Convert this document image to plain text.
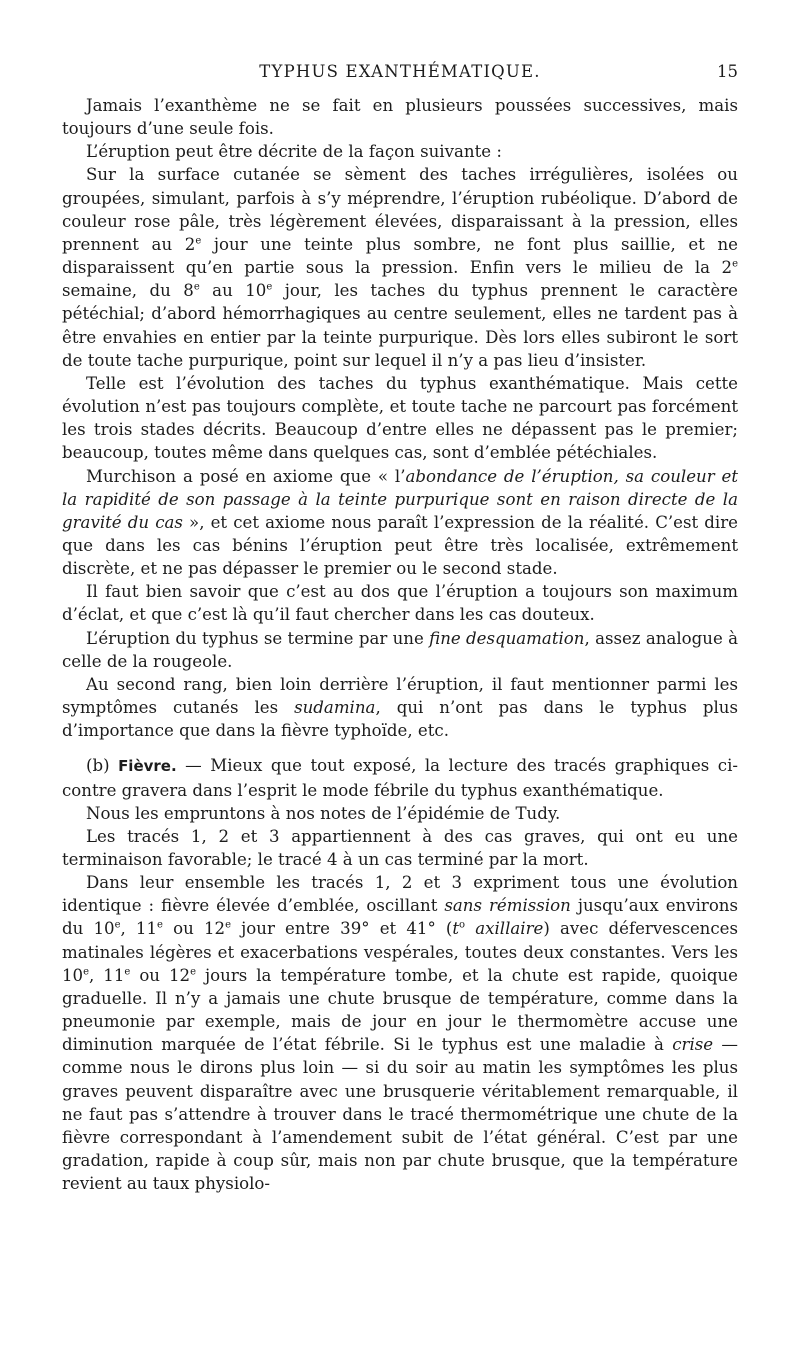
TYPHUS EXANTHÉMATIQUE.	15

Jamais l’exanthème ne se fait en plusieurs poussées successives, mais toujours d’une seule fois.

L’éruption peut être décrite de la façon suivante :

Sur la surface cutanée se sèment des taches irrégulières, isolées ou groupées, simulant, parfois à s’y méprendre, l’éruption rubéolique. D’abord de couleur rose pâle, très légèrement élevées, disparaissant à la pression, elles prennent au 2e jour une teinte plus sombre, ne font plus saillie, et ne disparaissent qu’en partie sous la pression. Enfin vers le milieu de la 2e semaine, du 8e au 10e jour, les taches du typhus prennent le caractère pétéchial; d’abord hémorrhagiques au centre seulement, elles ne tardent pas à être envahies en entier par la teinte purpurique. Dès lors elles subiront le sort de toute tache purpurique, point sur lequel il n’y a pas lieu d’insister.

Telle est l’évolution des taches du typhus exanthématique. Mais cette évolution n’est pas toujours complète, et toute tache ne parcourt pas forcément les trois stades décrits. Beaucoup d’entre elles ne dépassent pas le premier; beaucoup, toutes même dans quelques cas, sont d’emblée pétéchiales.

Murchison a posé en axiome que « l’abondance de l’éruption, sa couleur et la rapidité de son passage à la teinte purpurique sont en raison directe de la gravité du cas », et cet axiome nous paraît l’expression de la réalité. C’est dire que dans les cas bénins l’éruption peut être très localisée, extrêmement discrète, et ne pas dépasser le premier ou le second stade.

Il faut bien savoir que c’est au dos que l’éruption a toujours son maximum d’éclat, et que c’est là qu’il faut chercher dans les cas douteux.

L’éruption du typhus se termine par une fine desquamation, assez analogue à celle de la rougeole.

Au second rang, bien loin derrière l’éruption, il faut mentionner parmi les symptômes cutanés les sudamina, qui n’ont pas dans le typhus plus d’importance que dans la fièvre typhoïde, etc.

(b) Fièvre. — Mieux que tout exposé, la lecture des tracés graphiques ci-contre gravera dans l’esprit le mode fébrile du typhus exanthématique.

Nous les empruntons à nos notes de l’épidémie de Tudy.

Les tracés 1, 2 et 3 appartiennent à des cas graves, qui ont eu une terminaison favorable; le tracé 4 à un cas terminé par la mort.

Dans leur ensemble les tracés 1, 2 et 3 expriment tous une évolution identique : fièvre élevée d’emblée, oscillant sans rémission jusqu’aux environs du 10e, 11e ou 12e jour entre 39° et 41° ($t^o$ axillaire) avec défervescences matinales légères et exacerbations vespérales, toutes deux constantes. Vers les 10e, 11e ou 12e jours la température tombe, et la chute est rapide, quoique graduelle. Il n’y a jamais une chute brusque de température, comme dans la pneumonie par exemple, mais de jour en jour le thermomètre accuse une diminution marquée de l’état fébrile. Si le typhus est une maladie à crise — comme nous le dirons plus loin — si du soir au matin les symptômes les plus graves peuvent disparaître avec une brusquerie véritablement remarquable, il ne faut pas s’attendre à trouver dans le tracé thermométrique une chute de la fièvre correspondant à l’amendement subit de l’état général. C’est par une gradation, rapide à coup sûr, mais non par chute brusque, que la température revient au taux physiolo-
